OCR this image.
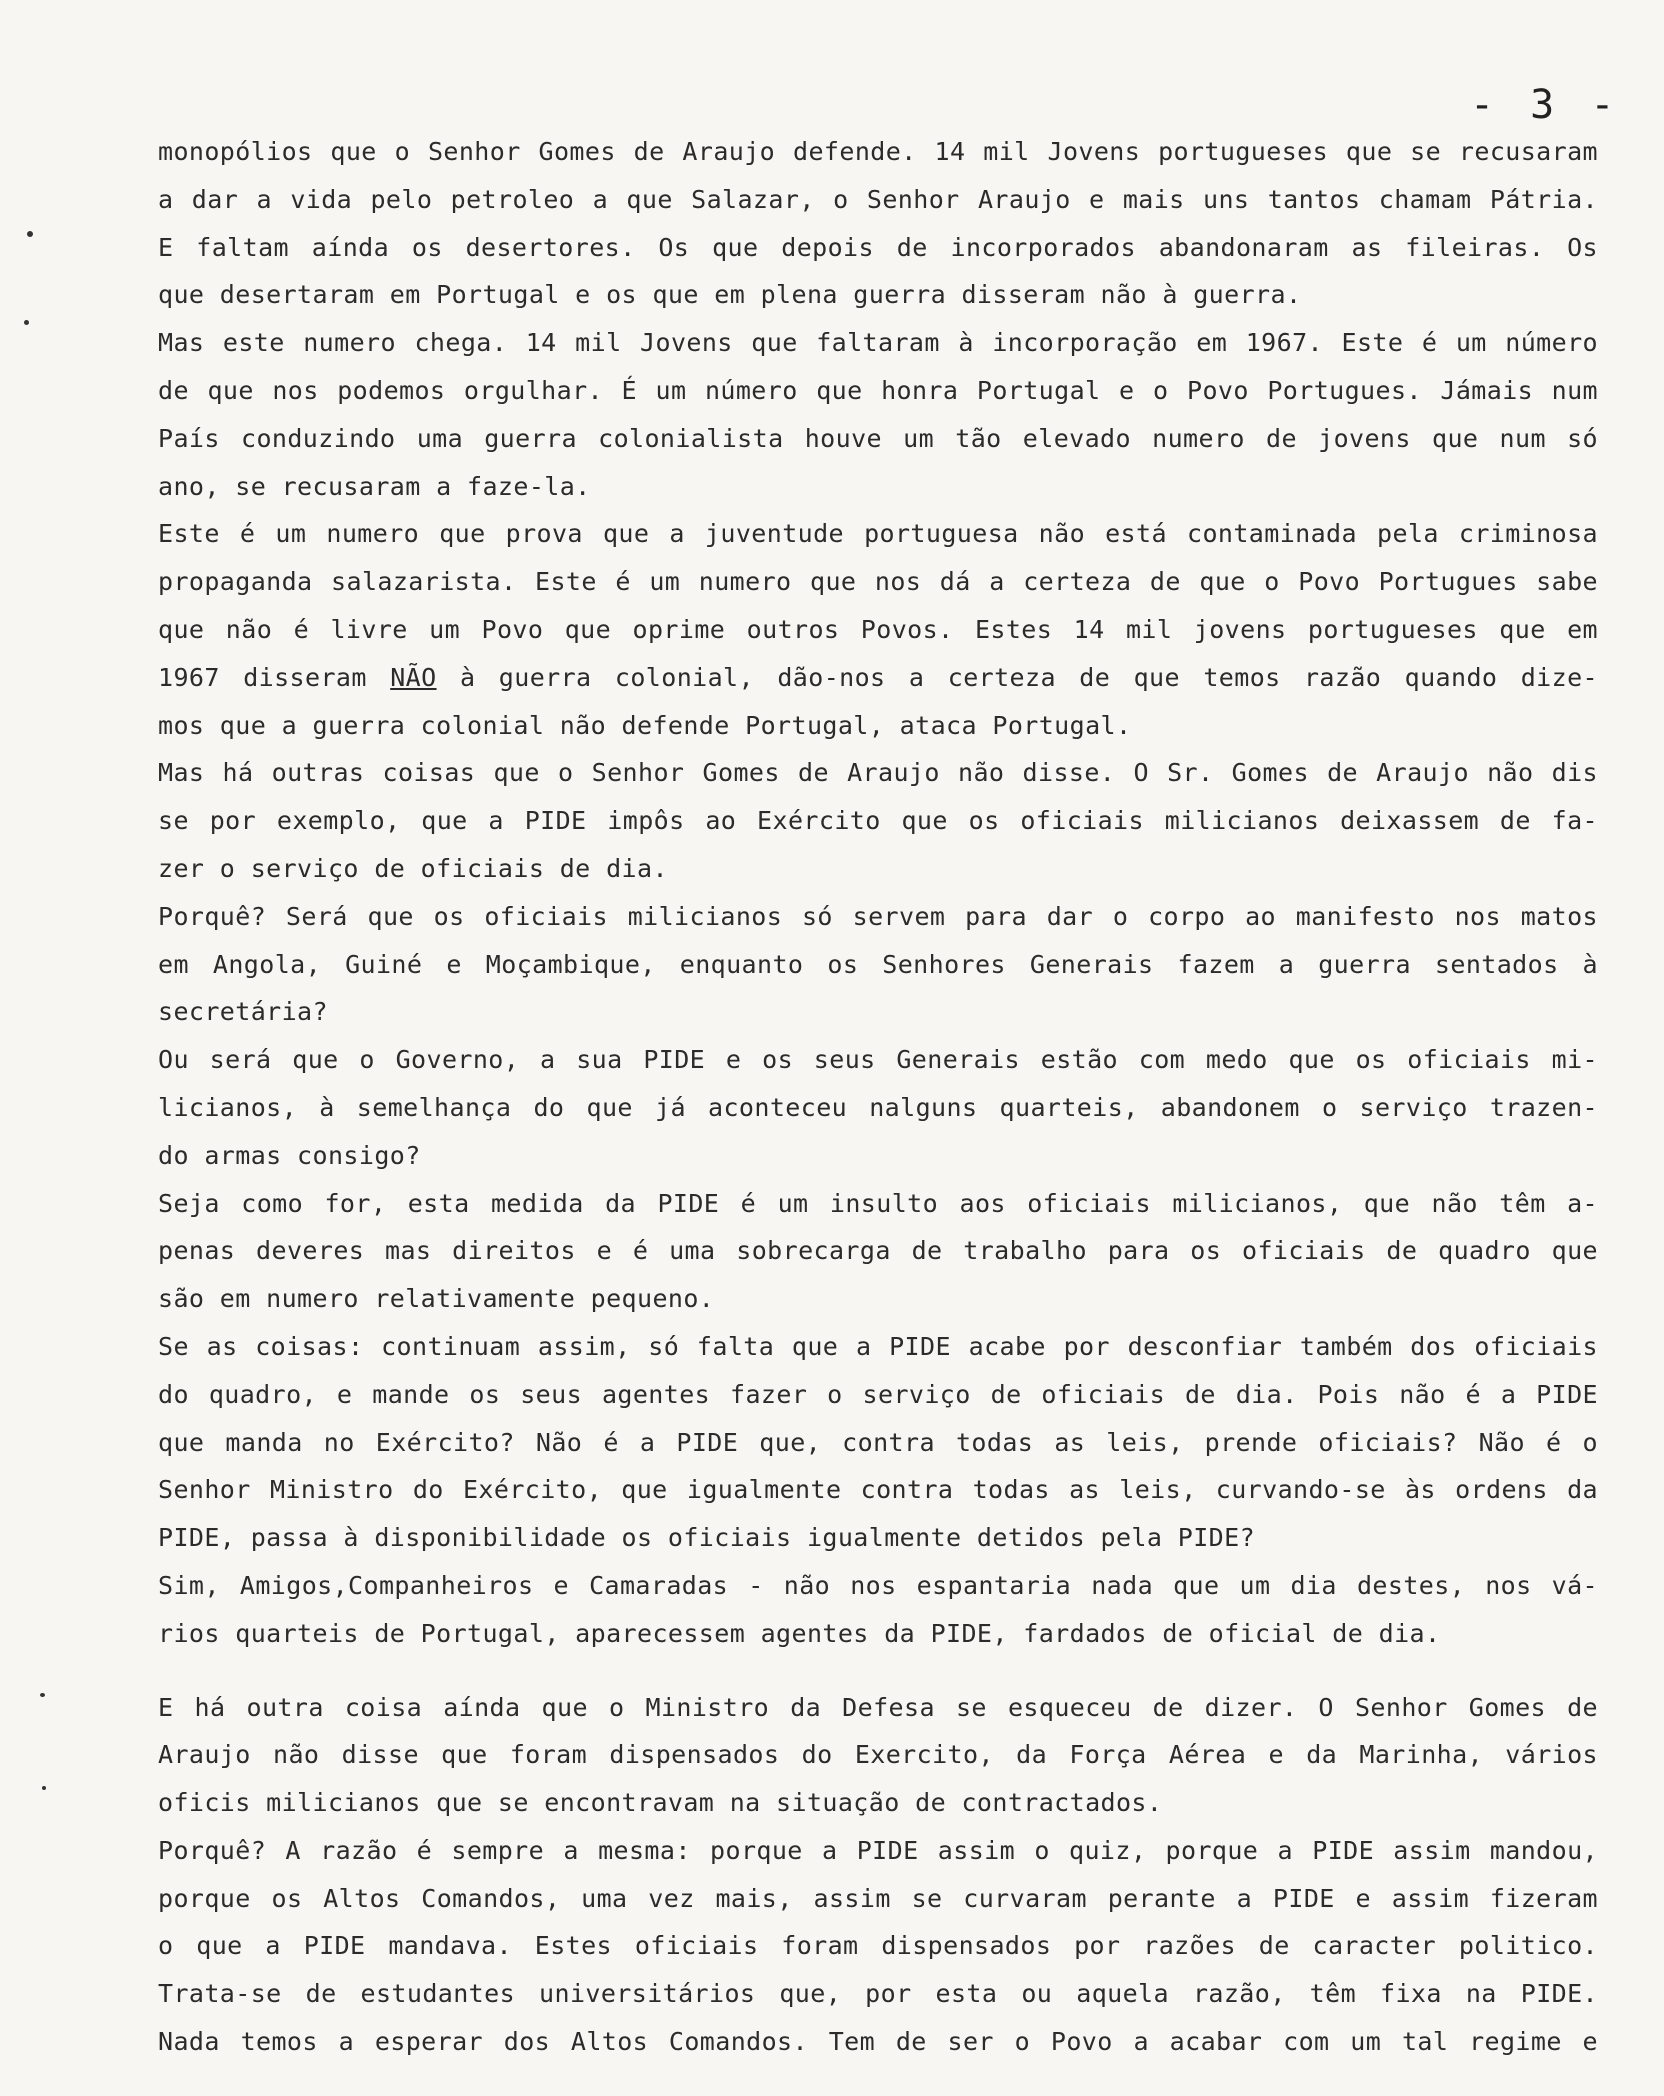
- 3 -
monopólios que o Senhor Gomes de Araujo defende. 14 mil Jovens portugueses que se recusaram
a dar a vida pelo petroleo a que Salazar, o Senhor Araujo e mais uns tantos chamam Pátria.
E faltam aínda os desertores. Os que depois de incorporados abandonaram as fileiras. Os
que desertaram em Portugal e os que em plena guerra disseram não à guerra.
Mas este numero chega. 14 mil Jovens que faltaram à incorporação em 1967. Este é um número
de que nos podemos orgulhar. É um número que honra Portugal e o Povo Portugues. Jámais num
País conduzindo uma guerra colonialista houve um tão elevado numero de jovens que num só
ano, se recusaram a faze-la.
Este é um numero que prova que a juventude portuguesa não está contaminada pela criminosa
propaganda salazarista. Este é um numero que nos dá a certeza de que o Povo Portugues sabe
que não é livre um Povo que oprime outros Povos. Estes 14 mil jovens portugueses que em
1967 disseram NÃO à guerra colonial, dão-nos a certeza de que temos razão quando dize-
mos que a guerra colonial não defende Portugal, ataca Portugal.
Mas há outras coisas que o Senhor Gomes de Araujo não disse. O Sr. Gomes de Araujo não dis
se por exemplo, que a PIDE impôs ao Exército que os oficiais milicianos deixassem de fa-
zer o serviço de oficiais de dia.
Porquê? Será que os oficiais milicianos só servem para dar o corpo ao manifesto nos matos
em Angola, Guiné e Moçambique, enquanto os Senhores Generais fazem a guerra sentados à
secretária?
Ou será que o Governo, a sua PIDE e os seus Generais estão com medo que os oficiais mi-
licianos, à semelhança do que já aconteceu nalguns quarteis, abandonem o serviço trazen-
do armas consigo?
Seja como for, esta medida da PIDE é um insulto aos oficiais milicianos, que não têm a-
penas deveres mas direitos e é uma sobrecarga de trabalho para os oficiais de quadro que
são em numero relativamente pequeno.
Se as coisas: continuam assim, só falta que a PIDE acabe por desconfiar também dos oficiais
do quadro, e mande os seus agentes fazer o serviço de oficiais de dia. Pois não é a PIDE
que manda no Exército? Não é a PIDE que, contra todas as leis, prende oficiais? Não é o
Senhor Ministro do Exército, que igualmente contra todas as leis, curvando-se às ordens da
PIDE, passa à disponibilidade os oficiais igualmente detidos pela PIDE?
Sim, Amigos,Companheiros e Camaradas - não nos espantaria nada que um dia destes, nos vá-
rios quarteis de Portugal, aparecessem agentes da PIDE, fardados de oficial de dia.
E há outra coisa aínda que o Ministro da Defesa se esqueceu de dizer. O Senhor Gomes de
Araujo não disse que foram dispensados do Exercito, da Força Aérea e da Marinha, vários
oficis milicianos que se encontravam na situação de contractados.
Porquê? A razão é sempre a mesma: porque a PIDE assim o quiz, porque a PIDE assim mandou,
porque os Altos Comandos, uma vez mais, assim se curvaram perante a PIDE e assim fizeram
o que a PIDE mandava. Estes oficiais foram dispensados por razões de caracter politico.
Trata-se de estudantes universitários que, por esta ou aquela razão, têm fixa na PIDE.
Nada temos a esperar dos Altos Comandos. Tem de ser o Povo a acabar com um tal regime e
